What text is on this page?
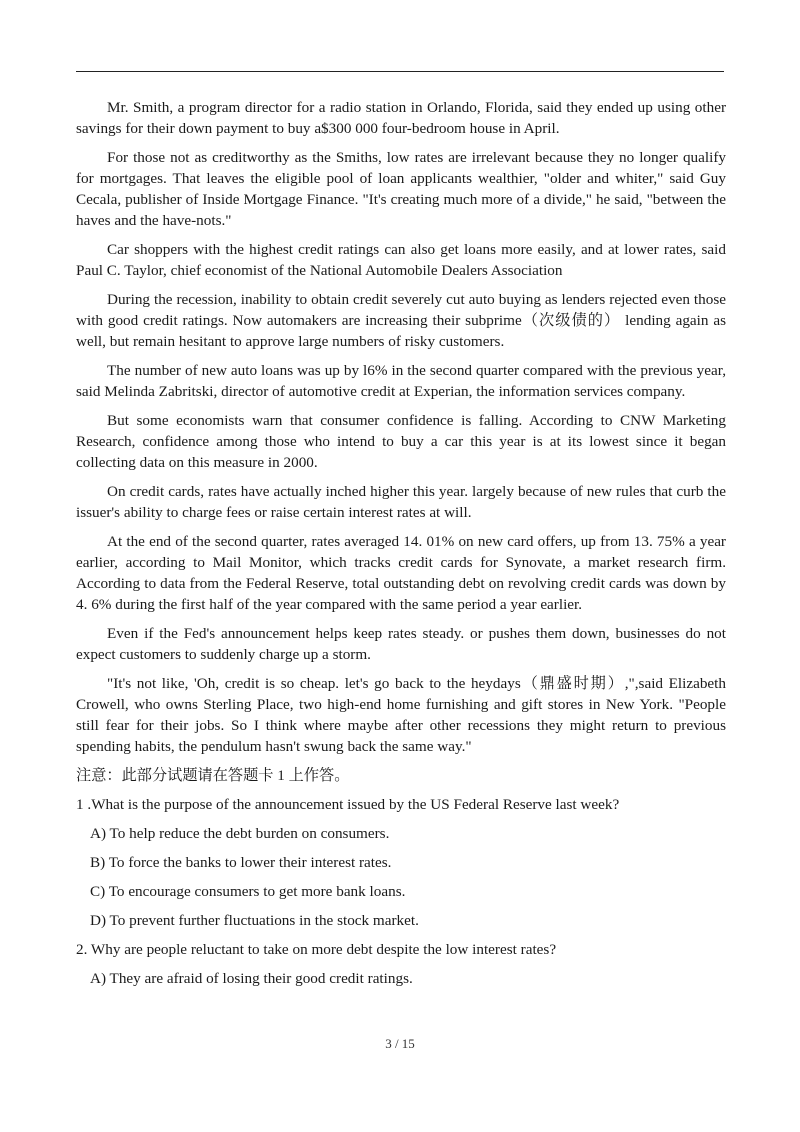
Mr. Smith, a program director for a radio station in Orlando, Florida, said they ended up using other savings for their down payment to buy a$300 000 four-bedroom house in April.

For those not as creditworthy as the Smiths, low rates are irrelevant because they no longer qualify for mortgages. That leaves the eligible pool of loan applicants wealthier, "older and whiter," said Guy Cecala, publisher of Inside Mortgage Finance. "It's creating much more of a divide," he said, "between the haves and the have-nots."

Car shoppers with the highest credit ratings can also get loans more easily, and at lower rates, said Paul C. Taylor, chief economist of the National Automobile Dealers Association

During the recession, inability to obtain credit severely cut auto buying as lenders rejected even those with good credit ratings. Now automakers are increasing their subprime（次级债的） lending again as well, but remain hesitant to approve large numbers of risky customers.

The number of new auto loans was up by l6% in the second quarter compared with the previous year, said Melinda Zabritski, director of automotive credit at Experian, the information services company.

But some economists warn that consumer confidence is falling. According to CNW Marketing Research, confidence among those who intend to buy a car this year is at its lowest since it began collecting data on this measure in 2000.

On credit cards, rates have actually inched higher this year. largely because of new rules that curb the issuer's ability to charge fees or raise certain interest rates at will.

At the end of the second quarter, rates averaged 14. 01% on new card offers, up from 13. 75% a year earlier, according to Mail Monitor, which tracks credit cards for Synovate, a market research firm. According to data from the Federal Reserve, total outstanding debt on revolving credit cards was down by 4. 6% during the first half of the year compared with the same period a year earlier.

Even if the Fed's announcement helps keep rates steady. or pushes them down, businesses do not expect customers to suddenly charge up a storm.

"It's not like, 'Oh, credit is so cheap. let's go back to the heydays（鼎盛时期）,",said Elizabeth Crowell, who owns Sterling Place, two high-end home furnishing and gift stores in New York. "People still fear for their jobs. So I think where maybe after other recessions they might return to previous spending habits, the pendulum hasn't swung back the same way."

注意：此部分试题请在答题卡 1 上作答。

1 .What is the purpose of the announcement issued by the US Federal Reserve last week?

A) To help reduce the debt burden on consumers.

B) To force the banks to lower their interest rates.

C) To encourage consumers to get more bank loans.

D) To prevent further fluctuations in the stock market.

2. Why are people reluctant to take on more debt despite the low interest rates?

A) They are afraid of losing their good credit ratings.

3 / 15
